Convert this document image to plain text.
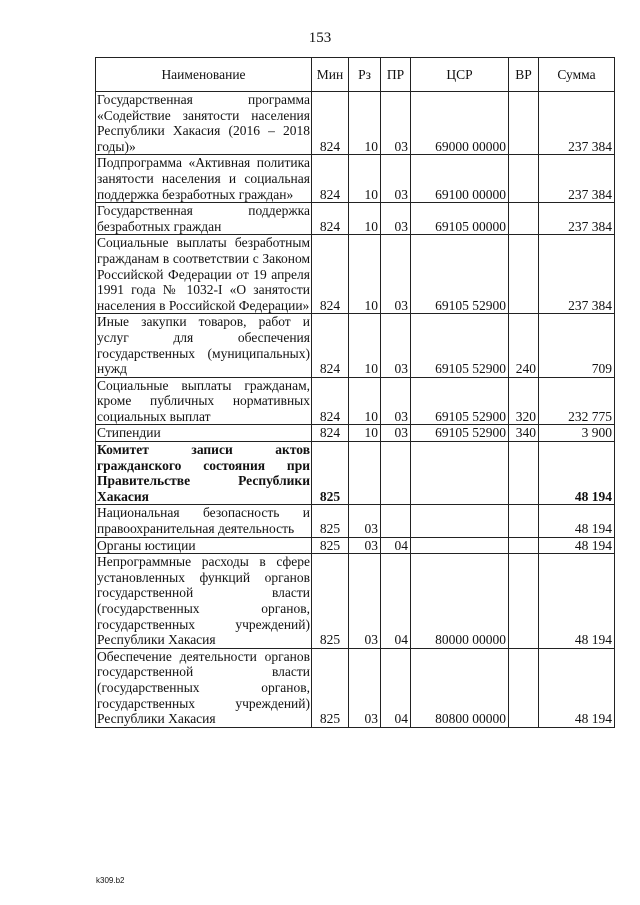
153
Наименование	Мин	Рз	ПР	ЦСР	ВР	Сумма
Государственная программа «Содействие занятости населения Республики Хакасия (2016 – 2018 годы)»	824	10	03	69000 00000		237 384
Подпрограмма «Активная политика занятости населения и социальная поддержка безработных граждан»	824	10	03	69100 00000		237 384
Государственная поддержка безработных граждан	824	10	03	69105 00000		237 384
Социальные выплаты безработным гражданам в соответствии с Законом Российской Федерации от 19 апреля 1991 года № 1032-I «О занятости населения в Российской Федерации»	824	10	03	69105 52900		237 384
Иные закупки товаров, работ и услуг для обеспечения государственных (муниципальных) нужд	824	10	03	69105 52900	240	709
Социальные выплаты гражданам, кроме публичных нормативных социальных выплат	824	10	03	69105 52900	320	232 775
Стипендии	824	10	03	69105 52900	340	3 900
Комитет записи актов гражданского состояния при Правительстве Республики Хакасия	825					48 194
Национальная безопасность и правоохранительная деятельность	825	03				48 194
Органы юстиции	825	03	04			48 194
Непрограммные расходы в сфере установленных функций органов государственной власти (государственных органов, государственных учреждений) Республики Хакасия	825	03	04	80000 00000		48 194
Обеспечение деятельности органов государственной власти (государственных органов, государственных учреждений) Республики Хакасия	825	03	04	80800 00000		48 194
k309.b2
